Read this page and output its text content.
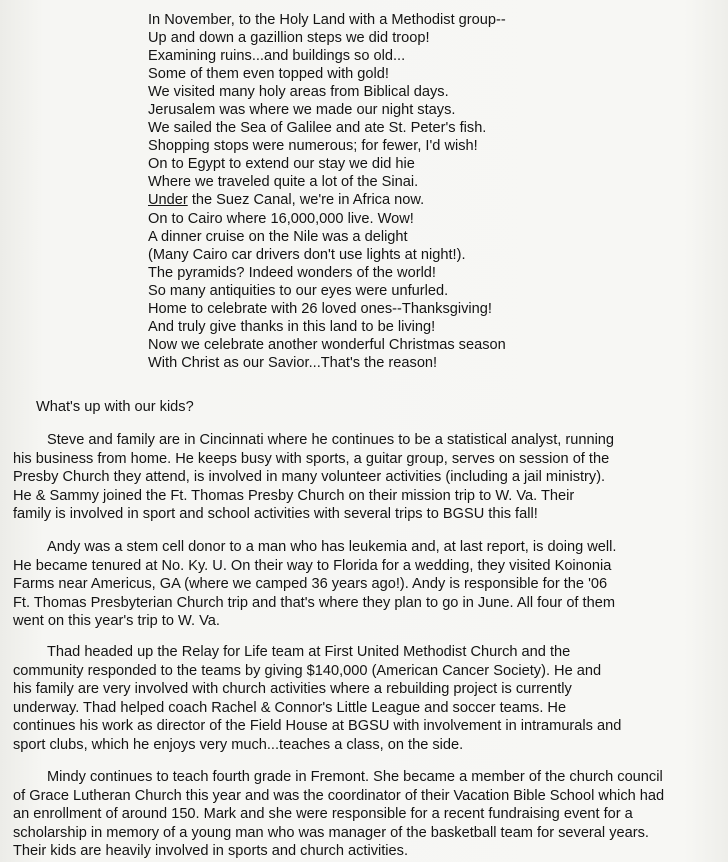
In November, to the Holy Land with a Methodist group--
Up and down a gazillion steps we did troop!
Examining ruins...and buildings so old...
Some of them even topped with gold!
We visited many holy areas from Biblical days.
Jerusalem was where we made our night stays.
We sailed the Sea of Galilee and ate St. Peter's fish.
Shopping stops were numerous; for fewer, I'd wish!
On to Egypt to extend our stay we did hie
Where we traveled quite a lot of the Sinai.
Under the Suez Canal, we're in Africa now.
On to Cairo where 16,000,000 live. Wow!
A dinner cruise on the Nile was a delight
(Many Cairo car drivers don't use lights at night!).
The pyramids? Indeed wonders of the world!
So many antiquities to our eyes were unfurled.
Home to celebrate with 26 loved ones--Thanksgiving!
And truly give thanks in this land to be living!
Now we celebrate another wonderful Christmas season
With Christ as our Savior...That's the reason!
What's up with our kids?
Steve and family are in Cincinnati where he continues to be a statistical analyst, running
his business from home. He keeps busy with sports, a guitar group, serves on session of the
Presby Church they attend, is involved in many volunteer activities (including a jail ministry).
He & Sammy joined the Ft. Thomas Presby Church on their mission trip to W. Va. Their
family is involved in sport and school activities with several trips to BGSU this fall!
Andy was a stem cell donor to a man who has leukemia and, at last report, is doing well.
He became tenured at No. Ky. U. On their way to Florida for a wedding, they visited Koinonia
Farms near Americus, GA (where we camped 36 years ago!). Andy is responsible for the '06
Ft. Thomas Presbyterian Church trip and that's where they plan to go in June. All four of them
went on this year's trip to W. Va.
Thad headed up the Relay for Life team at First United Methodist Church and the
community responded to the teams by giving $140,000 (American Cancer Society). He and
his family are very involved with church activities where a rebuilding project is currently
underway. Thad helped coach Rachel & Connor's Little League and soccer teams. He
continues his work as director of the Field House at BGSU with involvement in intramurals and
sport clubs, which he enjoys very much...teaches a class, on the side.
Mindy continues to teach fourth grade in Fremont. She became a member of the church council
of Grace Lutheran Church this year and was the coordinator of their Vacation Bible School which had
an enrollment of around 150. Mark and she were responsible for a recent fundraising event for a
scholarship in memory of a young man who was manager of the basketball team for several years.
Their kids are heavily involved in sports and church activities.
